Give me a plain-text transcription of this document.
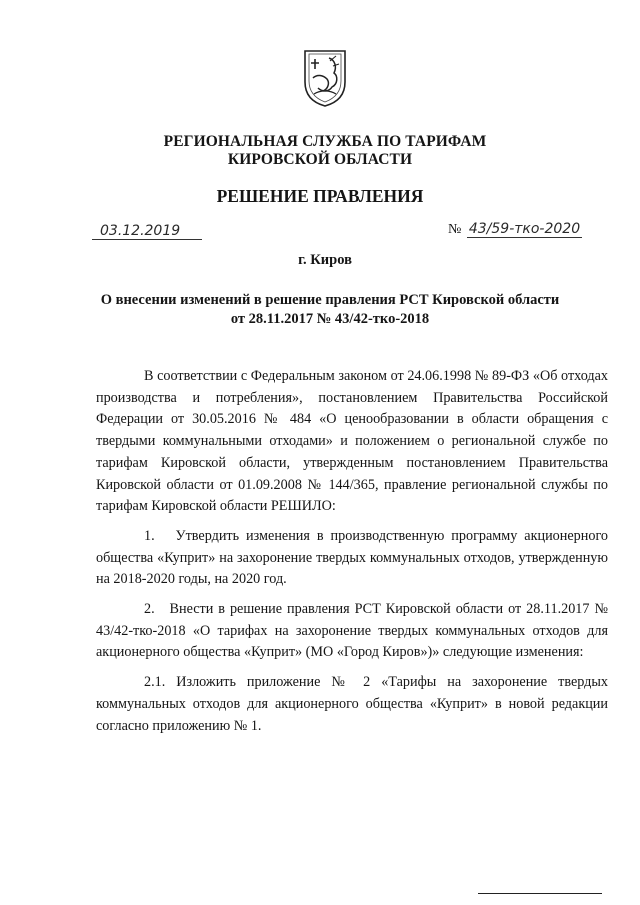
РЕГИОНАЛЬНАЯ СЛУЖБА ПО ТАРИФАМ
КИРОВСКОЙ ОБЛАСТИ
РЕШЕНИЕ ПРАВЛЕНИЯ
03.12.2019	№ 43/59-тко-2020
г. Киров
О внесении изменений в решение правления РСТ Кировской области от 28.11.2017 № 43/42-тко-2018

В соответствии с Федеральным законом от 24.06.1998 № 89-ФЗ «Об отходах производства и потребления», постановлением Правительства Российской Федерации от 30.05.2016 № 484 «О ценообразовании в области обращения с твердыми коммунальными отходами» и положением о региональной службе по тарифам Кировской области, утвержденным постановлением Правительства Кировской области от 01.09.2008 № 144/365, правление региональной службы по тарифам Кировской области РЕШИЛО:

1.   Утвердить изменения в производственную программу акционерного общества «Куприт» на захоронение твердых коммунальных отходов, утвержденную на 2018-2020 годы, на 2020 год.

2.   Внести в решение правления РСТ Кировской области от 28.11.2017 № 43/42-тко-2018 «О тарифах на захоронение твердых коммунальных отходов для акционерного общества «Куприт» (МО «Город Киров»)» следующие изменения:

2.1. Изложить приложение № 2 «Тарифы на захоронение твердых коммунальных отходов для акционерного общества «Куприт» в новой редакции согласно приложению № 1.
